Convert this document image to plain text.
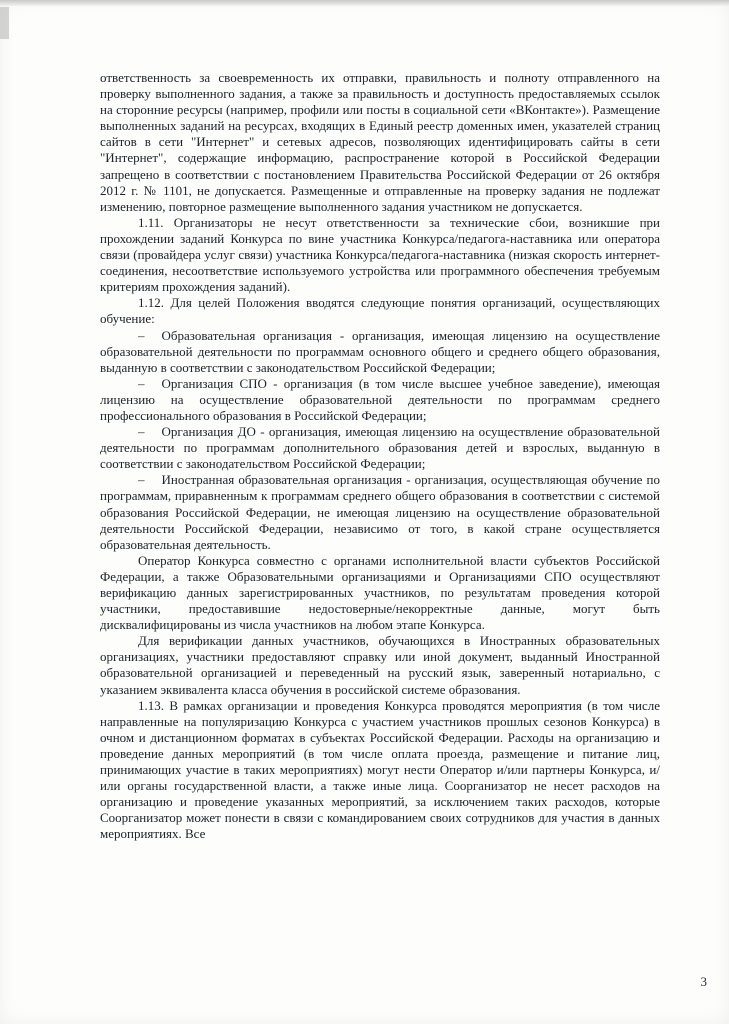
ответственность за своевременность их отправки, правильность и полноту отправленного на проверку выполненного задания, а также за правильность и доступность предоставляемых ссылок на сторонние ресурсы (например, профили или посты в социальной сети «ВКонтакте»). Размещение выполненных заданий на ресурсах, входящих в Единый реестр доменных имен, указателей страниц сайтов в сети "Интернет" и сетевых адресов, позволяющих идентифицировать сайты в сети "Интернет", содержащие информацию, распространение которой в Российской Федерации запрещено в соответствии с постановлением Правительства Российской Федерации от 26 октября 2012 г. № 1101, не допускается. Размещенные и отправленные на проверку задания не подлежат изменению, повторное размещение выполненного задания участником не допускается.

1.11. Организаторы не несут ответственности за технические сбои, возникшие при прохождении заданий Конкурса по вине участника Конкурса/педагога-наставника или оператора связи (провайдера услуг связи) участника Конкурса/педагога-наставника (низкая скорость интернет-соединения, несоответствие используемого устройства или программного обеспечения требуемым критериям прохождения заданий).

1.12. Для целей Положения вводятся следующие понятия организаций, осуществляющих обучение:

– Образовательная организация - организация, имеющая лицензию на осуществление образовательной деятельности по программам основного общего и среднего общего образования, выданную в соответствии с законодательством Российской Федерации;

– Организация СПО - организация (в том числе высшее учебное заведение), имеющая лицензию на осуществление образовательной деятельности по программам среднего профессионального образования в Российской Федерации;

– Организация ДО - организация, имеющая лицензию на осуществление образовательной деятельности по программам дополнительного образования детей и взрослых, выданную в соответствии с законодательством Российской Федерации;

– Иностранная образовательная организация - организация, осуществляющая обучение по программам, приравненным к программам среднего общего образования в соответствии с системой образования Российской Федерации, не имеющая лицензию на осуществление образовательной деятельности Российской Федерации, независимо от того, в какой стране осуществляется образовательная деятельность.

Оператор Конкурса совместно с органами исполнительной власти субъектов Российской Федерации, а также Образовательными организациями и Организациями СПО осуществляют верификацию данных зарегистрированных участников, по результатам проведения которой участники, предоставившие недостоверные/некорректные данные, могут быть дисквалифицированы из числа участников на любом этапе Конкурса.

Для верификации данных участников, обучающихся в Иностранных образовательных организациях, участники предоставляют справку или иной документ, выданный Иностранной образовательной организацией и переведенный на русский язык, заверенный нотариально, с указанием эквивалента класса обучения в российской системе образования.

1.13. В рамках организации и проведения Конкурса проводятся мероприятия (в том числе направленные на популяризацию Конкурса с участием участников прошлых сезонов Конкурса) в очном и дистанционном форматах в субъектах Российской Федерации. Расходы на организацию и проведение данных мероприятий (в том числе оплата проезда, размещение и питание лиц, принимающих участие в таких мероприятиях) могут нести Оператор и/или партнеры Конкурса, и/или органы государственной власти, а также иные лица. Соорганизатор не несет расходов на организацию и проведение указанных мероприятий, за исключением таких расходов, которые Соорганизатор может понести в связи с командированием своих сотрудников для участия в данных мероприятиях. Все

3
